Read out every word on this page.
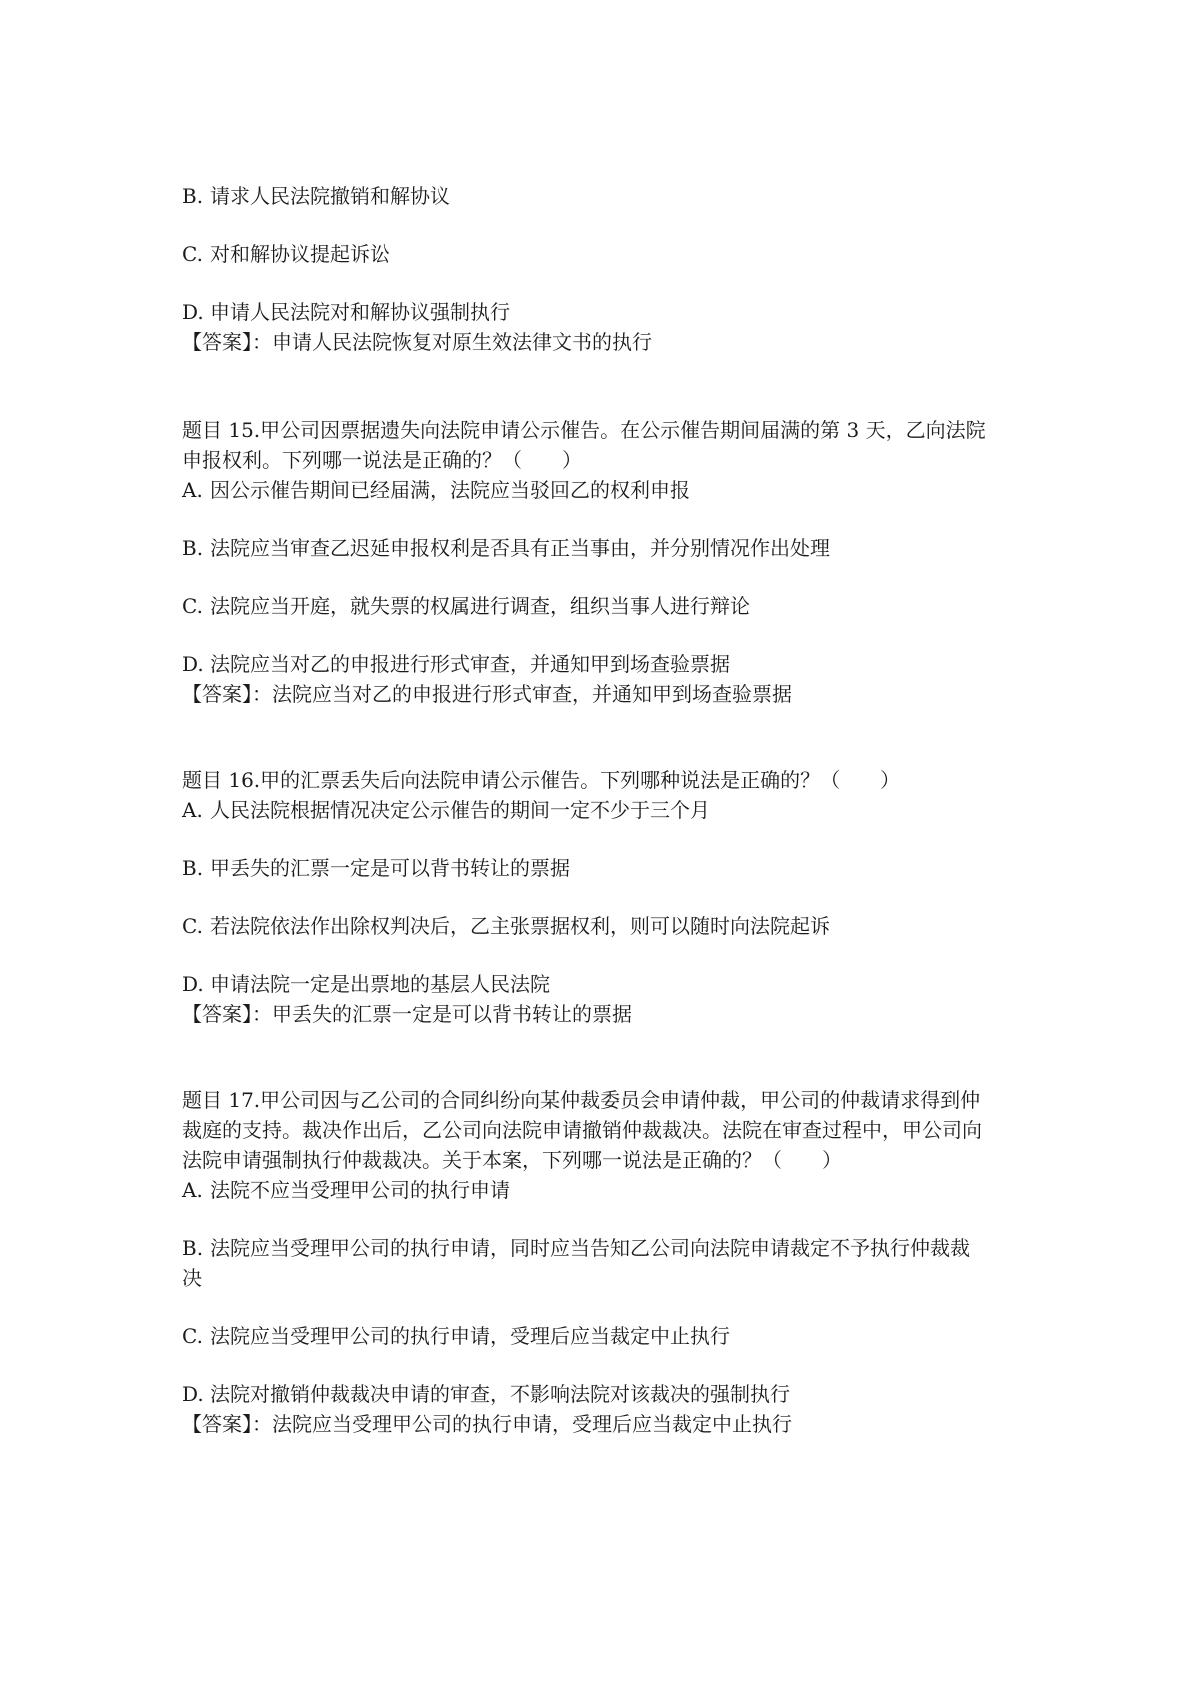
B. 请求人民法院撤销和解协议
C. 对和解协议提起诉讼
D. 申请人民法院对和解协议强制执行
【答案】：申请人民法院恢复对原生效法律文书的执行
题目 15.甲公司因票据遗失向法院申请公示催告。在公示催告期间届满的第 3 天，乙向法院
申报权利。下列哪一说法是正确的？（　　）
A. 因公示催告期间已经届满，法院应当驳回乙的权利申报
B. 法院应当审查乙迟延申报权利是否具有正当事由，并分别情况作出处理
C. 法院应当开庭，就失票的权属进行调查，组织当事人进行辩论
D. 法院应当对乙的申报进行形式审查，并通知甲到场查验票据
【答案】：法院应当对乙的申报进行形式审查，并通知甲到场查验票据
题目 16.甲的汇票丢失后向法院申请公示催告。下列哪种说法是正确的？（　　）
A. 人民法院根据情况决定公示催告的期间一定不少于三个月
B. 甲丢失的汇票一定是可以背书转让的票据
C. 若法院依法作出除权判决后，乙主张票据权利，则可以随时向法院起诉
D. 申请法院一定是出票地的基层人民法院
【答案】：甲丢失的汇票一定是可以背书转让的票据
题目 17.甲公司因与乙公司的合同纠纷向某仲裁委员会申请仲裁，甲公司的仲裁请求得到仲
裁庭的支持。裁决作出后，乙公司向法院申请撤销仲裁裁决。法院在审查过程中，甲公司向
法院申请强制执行仲裁裁决。关于本案，下列哪一说法是正确的？（　　）
A. 法院不应当受理甲公司的执行申请
B. 法院应当受理甲公司的执行申请，同时应当告知乙公司向法院申请裁定不予执行仲裁裁
决
C. 法院应当受理甲公司的执行申请，受理后应当裁定中止执行
D. 法院对撤销仲裁裁决申请的审查，不影响法院对该裁决的强制执行
【答案】：法院应当受理甲公司的执行申请，受理后应当裁定中止执行
